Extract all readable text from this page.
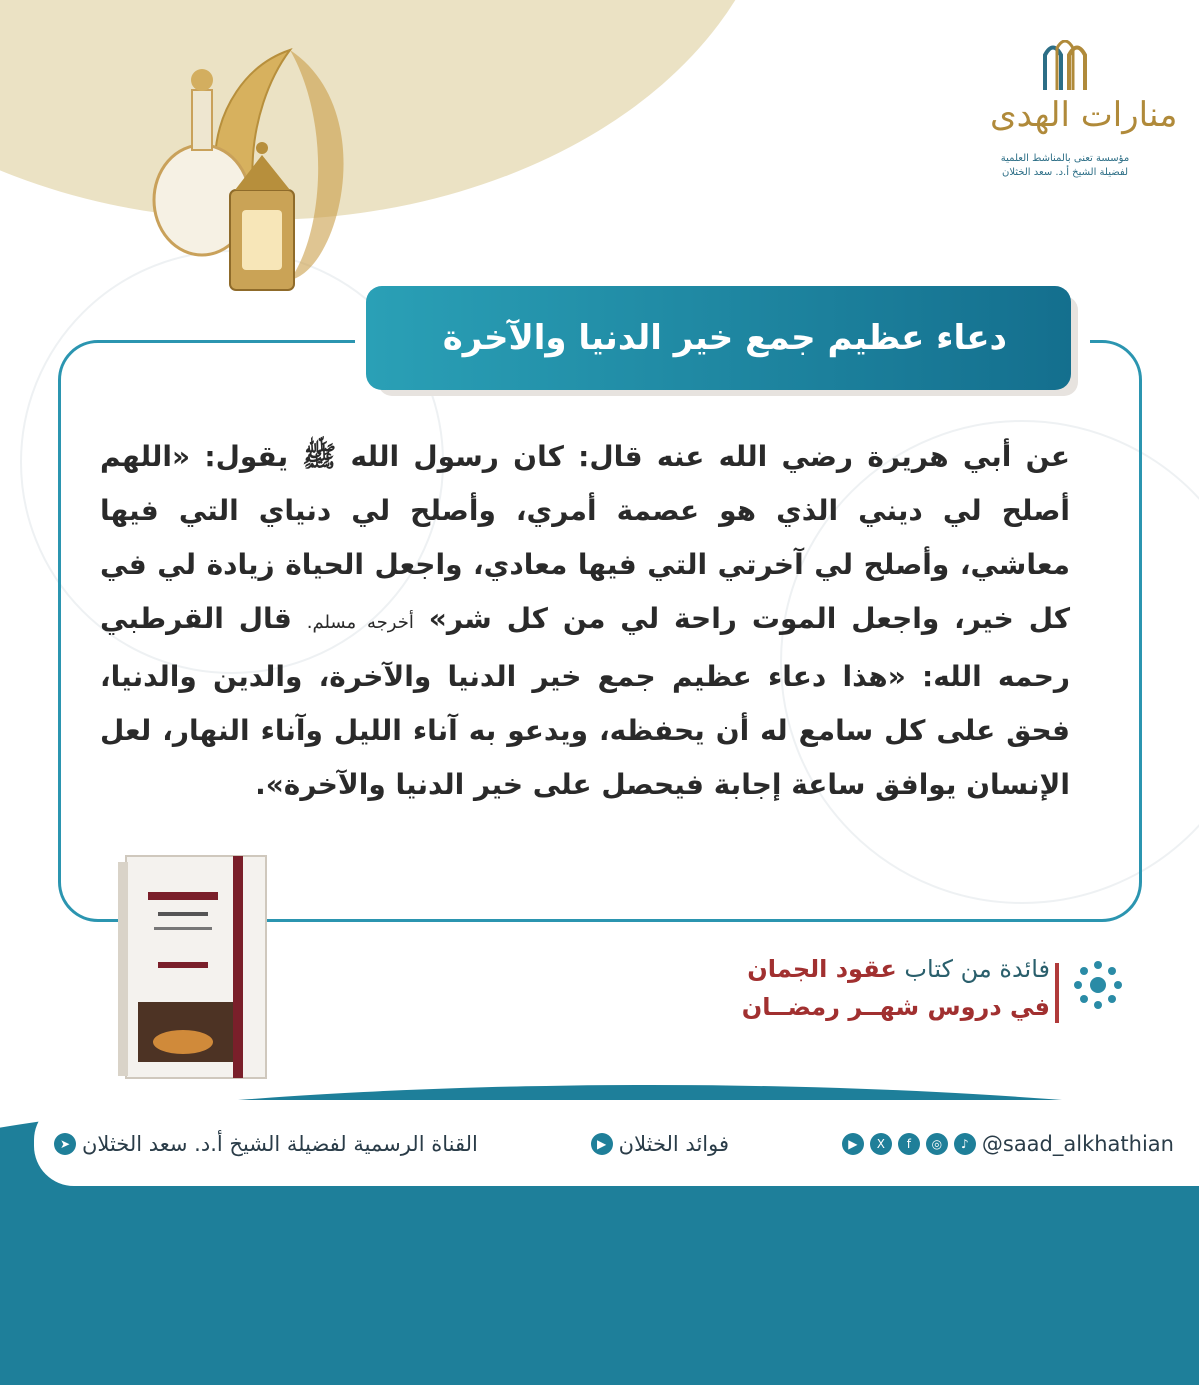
منارات الهدى
مؤسسة تعنى بالمناشط العلمية لفضيلة الشيخ أ.د. سعد الخثلان
دعاء عظيم جمع خير الدنيا والآخرة
عن أبي هريرة رضي الله عنه قال: كان رسول الله ﷺ يقول: «اللهم أصلح لي ديني الذي هو عصمة أمري، وأصلح لي دنياي التي فيها معاشي، وأصلح لي آخرتي التي فيها معادي، واجعل الحياة زيادة لي في كل خير، واجعل الموت راحة لي من كل شر» أخرجه مسلم. قال القرطبي رحمه الله: «هذا دعاء عظيم جمع خير الدنيا والآخرة، والدين والدنيا، فحق على كل سامع له أن يحفظه، ويدعو به آناء الليل وآناء النهار، لعل الإنسان يوافق ساعة إجابة فيحصل على خير الدنيا والآخرة».
فائدة من كتاب عقود الجمان
في دروس شهــر رمضــان
➤ القناة الرسمية لفضيلة الشيخ أ.د. سعد الخثلان	▶ فوائد الخثلان	▶	X	f	◎	♪ @saad_alkhathian
